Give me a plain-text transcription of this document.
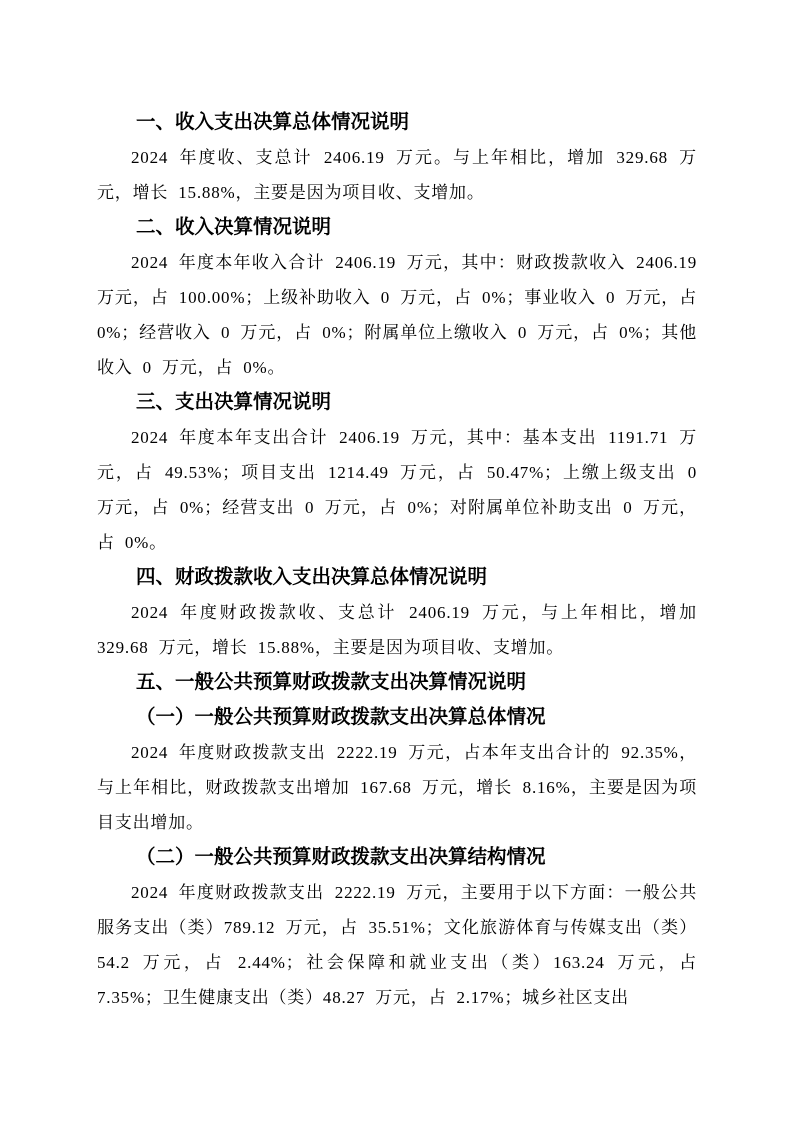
一、收入支出决算总体情况说明

2024 年度收、支总计 2406.19 万元。与上年相比，增加 329.68 万元，增长 15.88%，主要是因为项目收、支增加。

二、收入决算情况说明

2024 年度本年收入合计 2406.19 万元，其中：财政拨款收入 2406.19 万元，占 100.00%；上级补助收入 0 万元，占 0%；事业收入 0 万元，占 0%；经营收入 0 万元，占 0%；附属单位上缴收入 0 万元，占 0%；其他收入 0 万元，占 0%。

三、支出决算情况说明

2024 年度本年支出合计 2406.19 万元，其中：基本支出 1191.71 万元，占 49.53%；项目支出 1214.49 万元，占 50.47%；上缴上级支出 0 万元，占 0%；经营支出 0 万元，占 0%；对附属单位补助支出 0 万元，占 0%。

四、财政拨款收入支出决算总体情况说明

2024 年度财政拨款收、支总计 2406.19 万元，与上年相比，增加 329.68 万元，增长 15.88%，主要是因为项目收、支增加。

五、一般公共预算财政拨款支出决算情况说明

（一）一般公共预算财政拨款支出决算总体情况

2024 年度财政拨款支出 2222.19 万元，占本年支出合计的 92.35%，与上年相比，财政拨款支出增加 167.68 万元，增长 8.16%，主要是因为项目支出增加。

（二）一般公共预算财政拨款支出决算结构情况

2024 年度财政拨款支出 2222.19 万元，主要用于以下方面：一般公共服务支出（类）789.12 万元，占 35.51%；文化旅游体育与传媒支出（类）54.2 万元，占 2.44%；社会保障和就业支出（类）163.24 万元，占 7.35%；卫生健康支出（类）48.27 万元，占 2.17%；城乡社区支出
